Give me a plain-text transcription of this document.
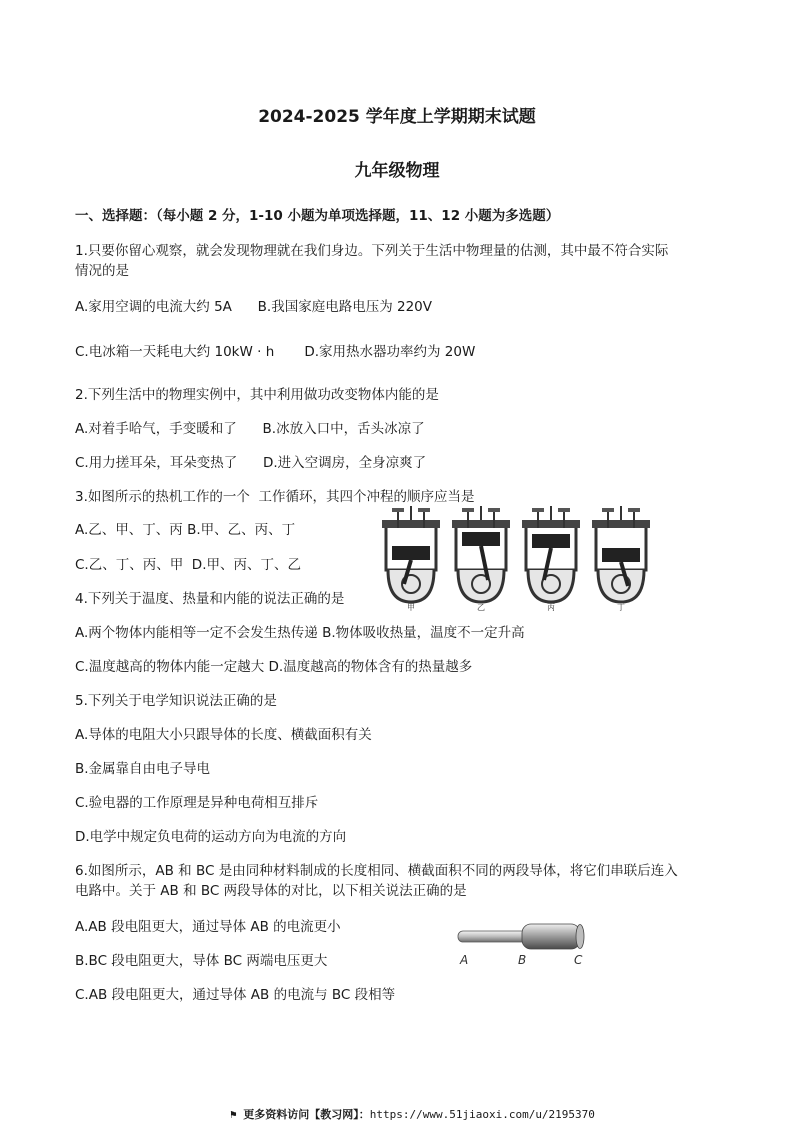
2024-2025 学年度上学期期末试题
九年级物理
一、选择题：（每小题 2 分，1-10 小题为单项选择题，11、12 小题为多选题）
1.只要你留心观察，就会发现物理就在我们身边。下列关于生活中物理量的估测，其中最不符合实际
情况的是
A.家用空调的电流大约 5A      B.我国家庭电路电压为 220V
C.电冰箱一天耗电大约 10kW · h       D.家用热水器功率约为 20W
2.下列生活中的物理实例中，其中利用做功改变物体内能的是
A.对着手哈气，手变暖和了      B.冰放入口中，舌头冰凉了
C.用力搓耳朵，耳朵变热了      D.进入空调房，全身凉爽了
3.如图所示的热机工作的一个  工作循环，其四个冲程的顺序应当是
A.乙、甲、丁、丙 B.甲、乙、丙、丁
C.乙、丁、丙、甲  D.甲、丙、丁、乙
甲	乙	丙	丁
4.下列关于温度、热量和内能的说法正确的是
A.两个物体内能相等一定不会发生热传递 B.物体吸收热量，温度不一定升高
C.温度越高的物体内能一定越大 D.温度越高的物体含有的热量越多
5.下列关于电学知识说法正确的是
A.导体的电阻大小只跟导体的长度、横截面积有关
B.金属靠自由电子导电
C.验电器的工作原理是异种电荷相互排斥
D.电学中规定负电荷的运动方向为电流的方向
6.如图所示，AB 和 BC 是由同种材料制成的长度相同、横截面积不同的两段导体，将它们串联后连入
电路中。关于 AB 和 BC 两段导体的对比，以下相关说法正确的是
A.AB 段电阻更大，通过导体 AB 的电流更小
B.BC 段电阻更大，导体 BC 两端电压更大
C.AB 段电阻更大，通过导体 AB 的电流与 BC 段相等
A	B	C
⚑ 更多资料访问【教习网】：https://www.51jiaoxi.com/u/2195370
